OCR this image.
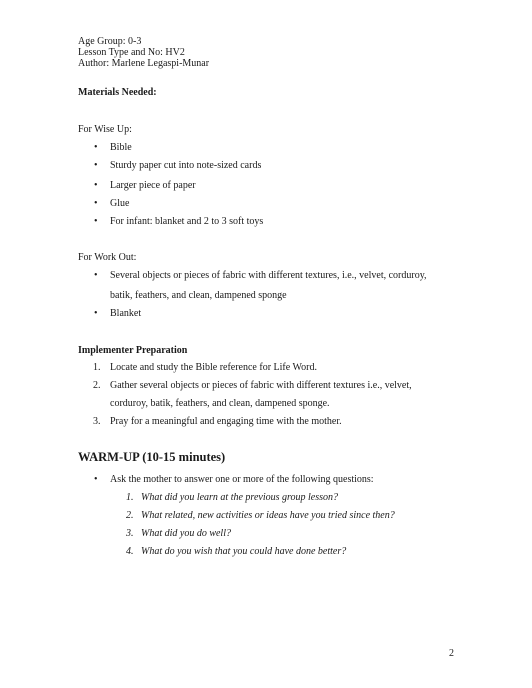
Age Group: 0-3
Lesson Type and No: HV2
Author: Marlene Legaspi-Munar
Materials Needed:
For Wise Up:
• Bible
• Sturdy paper cut into note-sized cards
• Larger piece of paper
• Glue
• For infant: blanket and 2 to 3 soft toys
For Work Out:
• Several objects or pieces of fabric with different textures, i.e., velvet, corduroy,
batik, feathers, and clean, dampened sponge
• Blanket
Implementer Preparation
1. Locate and study the Bible reference for Life Word.
2. Gather several objects or pieces of fabric with different textures i.e., velvet,
corduroy, batik, feathers, and clean, dampened sponge.
3. Pray for a meaningful and engaging time with the mother.
WARM-UP (10-15 minutes)
• Ask the mother to answer one or more of the following questions:
1. What did you learn at the previous group lesson?
2. What related, new activities or ideas have you tried since then?
3. What did you do well?
4. What do you wish that you could have done better?
2
